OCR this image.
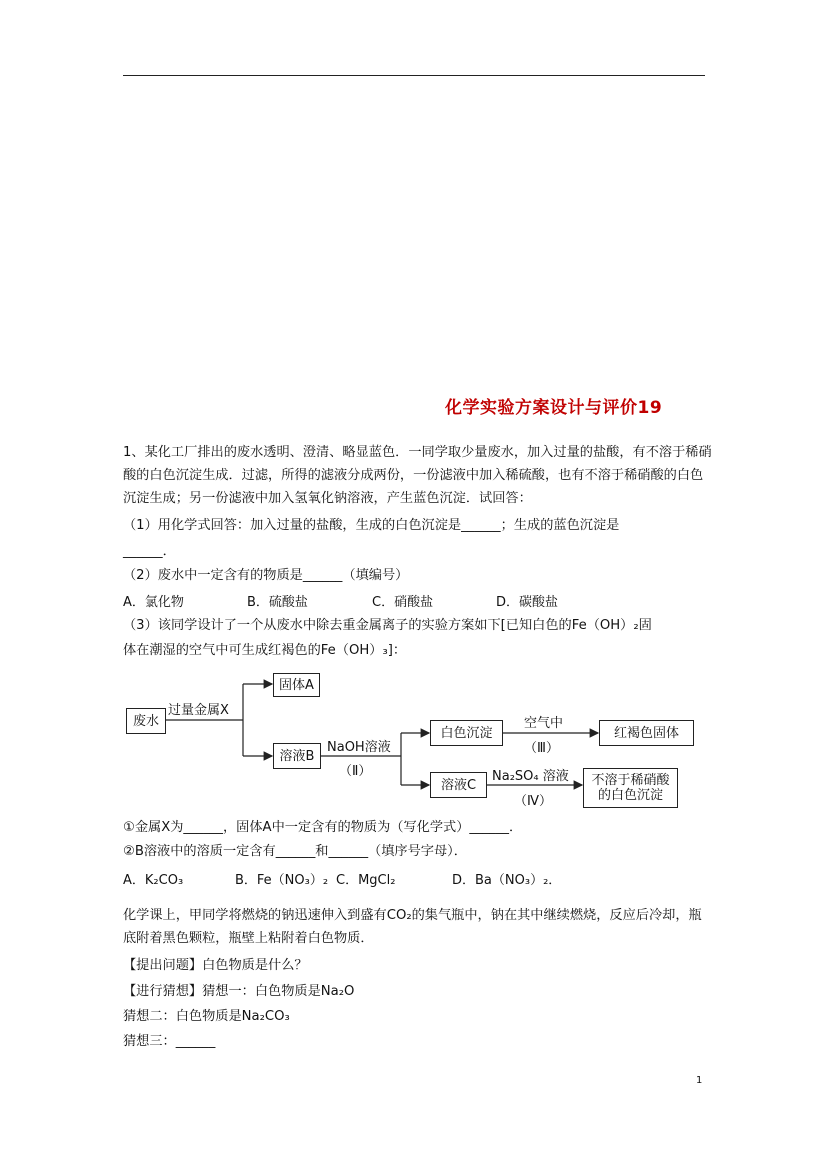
化学实验方案设计与评价19
1、某化工厂排出的废水透明、澄清、略显蓝色．一同学取少量废水，加入过量的盐酸，有不溶于稀硝酸的白色沉淀生成．过滤，所得的滤液分成两份，一份滤液中加入稀硫酸，也有不溶于稀硝酸的白色沉淀生成；另一份滤液中加入氢氧化钠溶液，产生蓝色沉淀．试回答：
（1）用化学式回答：加入过量的盐酸，生成的白色沉淀是______；生成的蓝色沉淀是
______．
（2）废水中一定含有的物质是______（填编号）
A．氯化物	B．硫酸盐	C．硝酸盐	D．碳酸盐
（3）该同学设计了一个从废水中除去重金属离子的实验方案如下[已知白色的Fe（OH）₂固
体在潮湿的空气中可生成红褐色的Fe（OH）₃]：
废水
过量金属X
固体A
溶液B
NaOH溶液
（Ⅱ）
白色沉淀
空气中
（Ⅲ）
红褐色固体
溶液C
Na₂SO₄ 溶液
（Ⅳ）
不溶于稀硝酸
的白色沉淀
①金属X为______，固体A中一定含有的物质为（写化学式）______．
②B溶液中的溶质一定含有______和______（填序号字母）．
A．K₂CO₃	B．Fe（NO₃）₂ C．MgCl₂	D．Ba（NO₃）₂．
化学课上，甲同学将燃烧的钠迅速伸入到盛有CO₂的集气瓶中，钠在其中继续燃烧，反应后冷却，瓶底附着黑色颗粒，瓶壁上粘附着白色物质．
【提出问题】白色物质是什么？
【进行猜想】猜想一：白色物质是Na₂O
猜想二：白色物质是Na₂CO₃
猜想三：______
1
